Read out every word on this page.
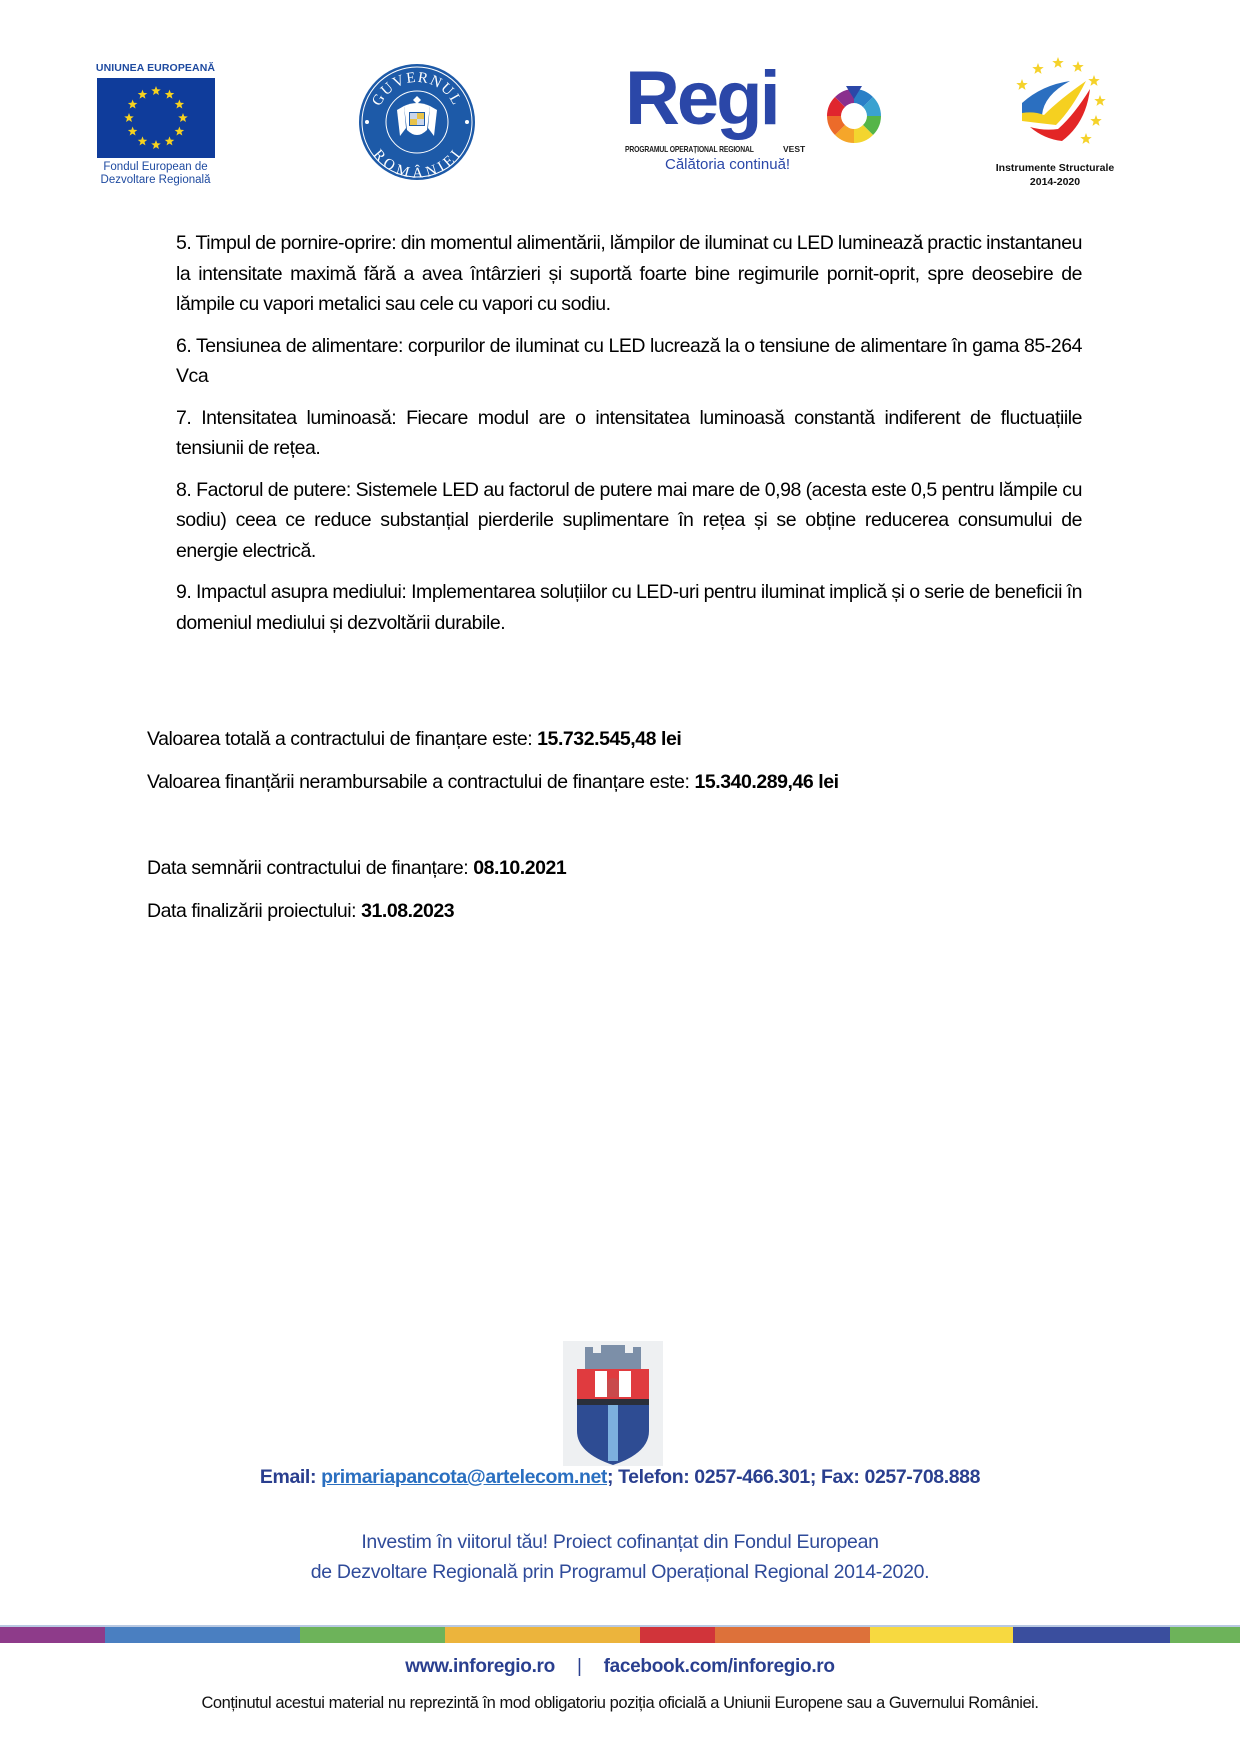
UNIUNEA EUROPEANĂ
Fondul European de
Dezvoltare Regională
GUVERNUL
ROMÂNIEI
Regi
PROGRAMUL OPERAȚIONAL REGIONAL	VEST
Călătoria continuă!	Instrumente Structurale
2014-2020

5. Timpul de pornire-oprire: din momentul alimentării, lămpilor de iluminat cu LED luminează practic instantaneu la intensitate maximă fără a avea întârzieri și suportă foarte bine regimurile pornit-oprit, spre deosebire de lămpile cu vapori metalici sau cele cu vapori cu sodiu.

6. Tensiunea de alimentare: corpurilor de iluminat cu LED lucrează la o tensiune de alimentare în gama 85-264 Vca

7. Intensitatea luminoasă: Fiecare modul are o intensitatea luminoasă constantă indiferent de fluctuațiile tensiunii de rețea.

8. Factorul de putere: Sistemele LED au factorul de putere mai mare de 0,98 (acesta este 0,5 pentru lămpile cu sodiu) ceea ce reduce substanțial pierderile suplimentare în rețea și se obține reducerea consumului de energie electrică.

9. Impactul asupra mediului: Implementarea soluțiilor cu LED-uri pentru iluminat implică și o serie de beneficii în domeniul mediului și dezvoltării durabile.

Valoarea totală a contractului de finanțare este: 15.732.545,48 lei
Valoarea finanțării nerambursabile a contractului de finanțare este: 15.340.289,46 lei
Data semnării contractului de finanțare: 08.10.2021
Data finalizării proiectului: 31.08.2023
Email: primariapancota@artelecom.net; Telefon: 0257-466.301; Fax: 0257-708.888
Investim în viitorul tău! Proiect cofinanțat din Fondul European
de Dezvoltare Regională prin Programul Operațional Regional 2014-2020.
www.inforegio.ro | facebook.com/inforegio.ro
Conținutul acestui material nu reprezintă în mod obligatoriu poziția oficială a Uniunii Europene sau a Guvernului României.
